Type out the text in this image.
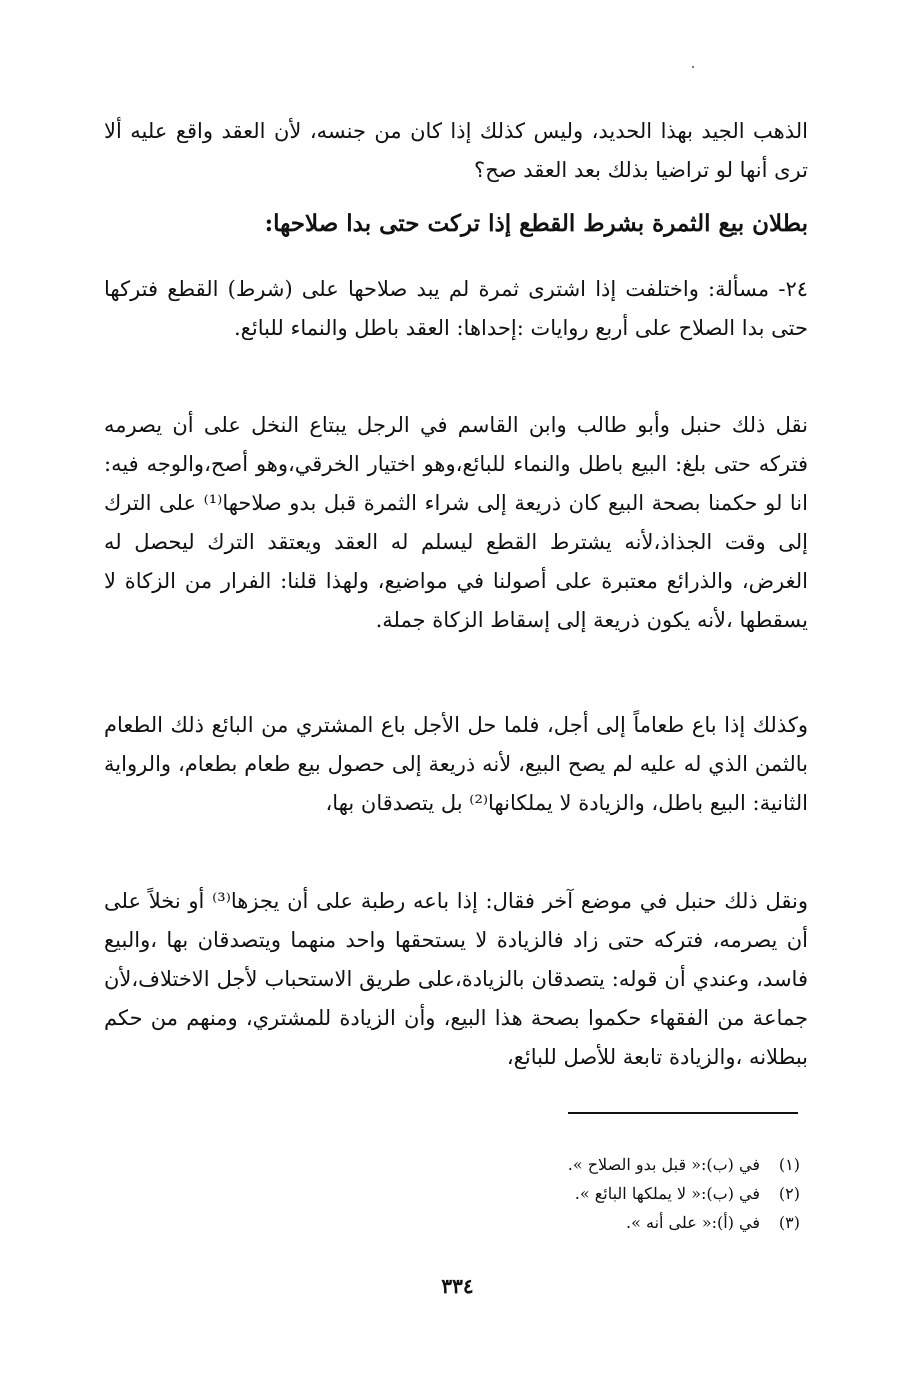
الذهب الجيد بهذا الحديد، وليس كذلك إذا كان من جنسه، لأن العقد واقع عليه ألا ترى أنها لو تراضيا بذلك بعد العقد صح؟

بطلان بيع الثمرة بشرط القطع إذا تركت حتى بدا صلاحها:

٢٤- مسألة: واختلفت إذا اشترى ثمرة لم يبد صلاحها على (شرط) القطع فتركها حتى بدا الصلاح على أربع روايات :إحداها: العقد باطل والنماء للبائع.

نقل ذلك حنبل وأبو طالب وابن القاسم في الرجل يبتاع النخل على أن يصرمه فتركه حتى بلغ: البيع باطل والنماء للبائع،وهو اختيار الخرقي،وهو أصح،والوجه فيه: انا لو حكمنا بصحة البيع كان ذريعة إلى شراء الثمرة قبل بدو صلاحها⁽¹⁾ على الترك إلى وقت الجذاذ،لأنه يشترط القطع ليسلم له العقد ويعتقد الترك ليحصل له الغرض، والذرائع معتبرة على أصولنا في مواضيع، ولهذا قلنا: الفرار من الزكاة لا يسقطها ،لأنه يكون ذريعة إلى إسقاط الزكاة جملة.

وكذلك إذا باع طعاماً إلى أجل، فلما حل الأجل باع المشتري من البائع ذلك الطعام بالثمن الذي له عليه لم يصح البيع، لأنه ذريعة إلى حصول بيع طعام بطعام، والرواية الثانية: البيع باطل، والزيادة لا يملكانها⁽²⁾ بل يتصدقان بها،

ونقل ذلك حنبل في موضع آخر فقال: إذا باعه رطبة على أن يجزها⁽³⁾ أو نخلاً على أن يصرمه، فتركه حتى زاد فالزيادة لا يستحقها واحد منهما ويتصدقان بها ،والبيع فاسد، وعندي أن قوله: يتصدقان بالزيادة،على طريق الاستحباب لأجل الاختلاف،لأن جماعة من الفقهاء حكموا بصحة هذا البيع، وأن الزيادة للمشتري، ومنهم من حكم ببطلانه ،والزيادة تابعة للأصل للبائع،

(١)
في (ب):« قبل بدو الصلاح ».
(٢)
في (ب):« لا يملكها البائع ».
(٣)
في (أ):« على أنه ».
٣٣٤
